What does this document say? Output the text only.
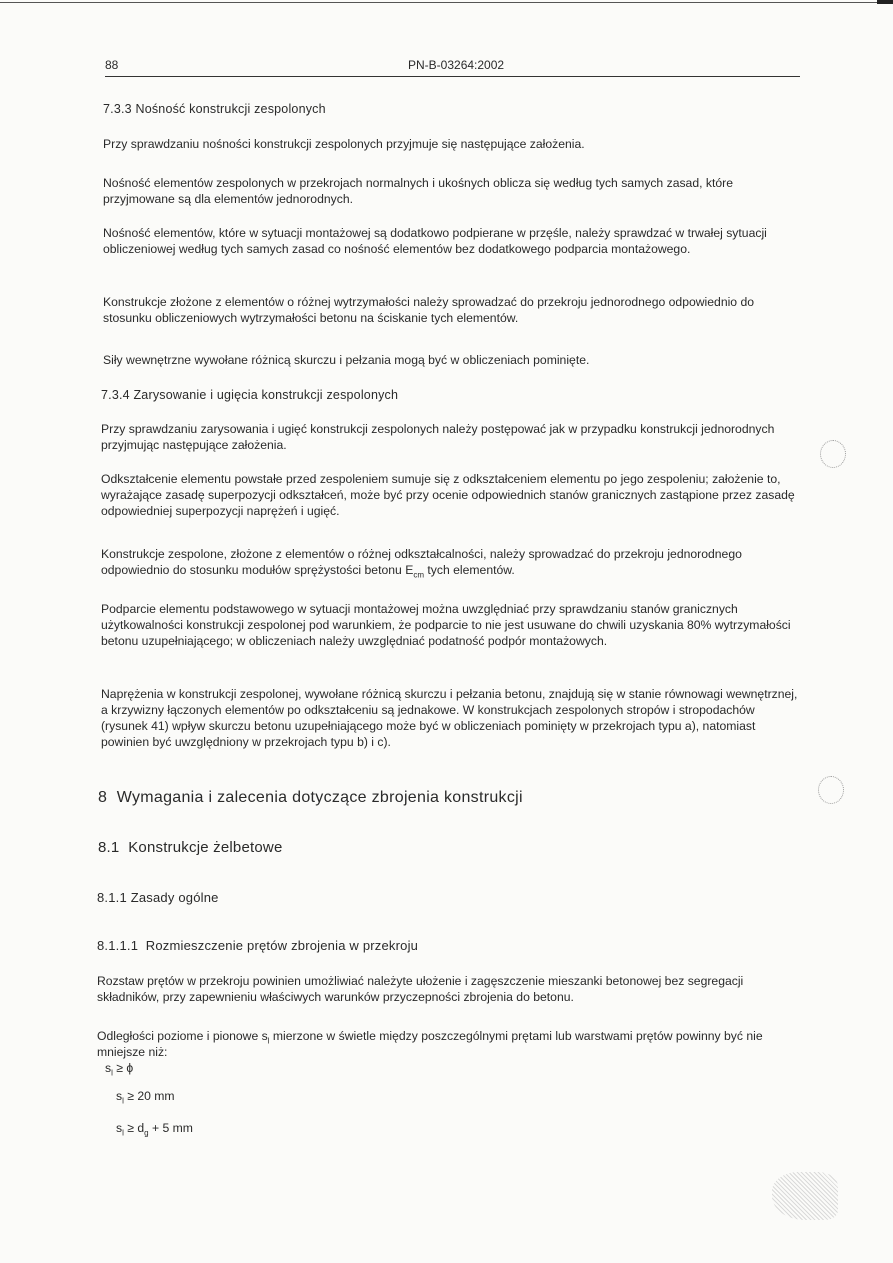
88	PN-B-03264:2002
7.3.3 Nośność konstrukcji zespolonych

Przy sprawdzaniu nośności konstrukcji zespolonych przyjmuje się następujące założenia.

Nośność elementów zespolonych w przekrojach normalnych i ukośnych oblicza się według tych samych zasad, które przyjmowane są dla elementów jednorodnych.

Nośność elementów, które w sytuacji montażowej są dodatkowo podpierane w przęśle, należy sprawdzać w trwałej sytuacji obliczeniowej według tych samych zasad co nośność elementów bez dodatkowego podparcia montażowego.

Konstrukcje złożone z elementów o różnej wytrzymałości należy sprowadzać do przekroju jednorodnego odpowiednio do stosunku obliczeniowych wytrzymałości betonu na ściskanie tych elementów.

Siły wewnętrzne wywołane różnicą skurczu i pełzania mogą być w obliczeniach pominięte.

7.3.4 Zarysowanie i ugięcia konstrukcji zespolonych

Przy sprawdzaniu zarysowania i ugięć konstrukcji zespolonych należy postępować jak w przypadku konstrukcji jednorodnych przyjmując następujące założenia.

Odkształcenie elementu powstałe przed zespoleniem sumuje się z odkształceniem elementu po jego zespoleniu; założenie to, wyrażające zasadę superpozycji odkształceń, może być przy ocenie odpowiednich stanów granicznych zastąpione przez zasadę odpowiedniej superpozycji naprężeń i ugięć.

Konstrukcje zespolone, złożone z elementów o różnej odkształcalności, należy sprowadzać do przekroju jednorodnego odpowiednio do stosunku modułów sprężystości betonu $E_{cm}$ tych elementów.

Podparcie elementu podstawowego w sytuacji montażowej można uwzględniać przy sprawdzaniu stanów granicznych użytkowalności konstrukcji zespolonej pod warunkiem, że podparcie to nie jest usuwane do chwili uzyskania 80% wytrzymałości betonu uzupełniającego; w obliczeniach należy uwzględniać podatność podpór montażowych.

Naprężenia w konstrukcji zespolonej, wywołane różnicą skurczu i pełzania betonu, znajdują się w stanie równowagi wewnętrznej, a krzywizny łączonych elementów po odkształceniu są jednakowe. W konstrukcjach zespolonych stropów i stropodachów (rysunek 41) wpływ skurczu betonu uzupełniającego może być w obliczeniach pominięty w przekrojach typu a), natomiast powinien być uwzględniony w przekrojach typu b) i c).

8 Wymagania i zalecenia dotyczące zbrojenia konstrukcji
8.1 Konstrukcje żelbetowe
8.1.1 Zasady ogólne
8.1.1.1 Rozmieszczenie prętów zbrojenia w przekroju

Rozstaw prętów w przekroju powinien umożliwiać należyte ułożenie i zagęszczenie mieszanki betonowej bez segregacji składników, przy zapewnieniu właściwych warunków przyczepności zbrojenia do betonu.

Odległości poziome i pionowe $s_l$ mierzone w świetle między poszczególnymi prętami lub warstwami prętów powinny być nie mniejsze niż:

$s_l \ge \phi$
$s_l \ge 20$ mm
$s_l \ge d_g + 5$ mm
